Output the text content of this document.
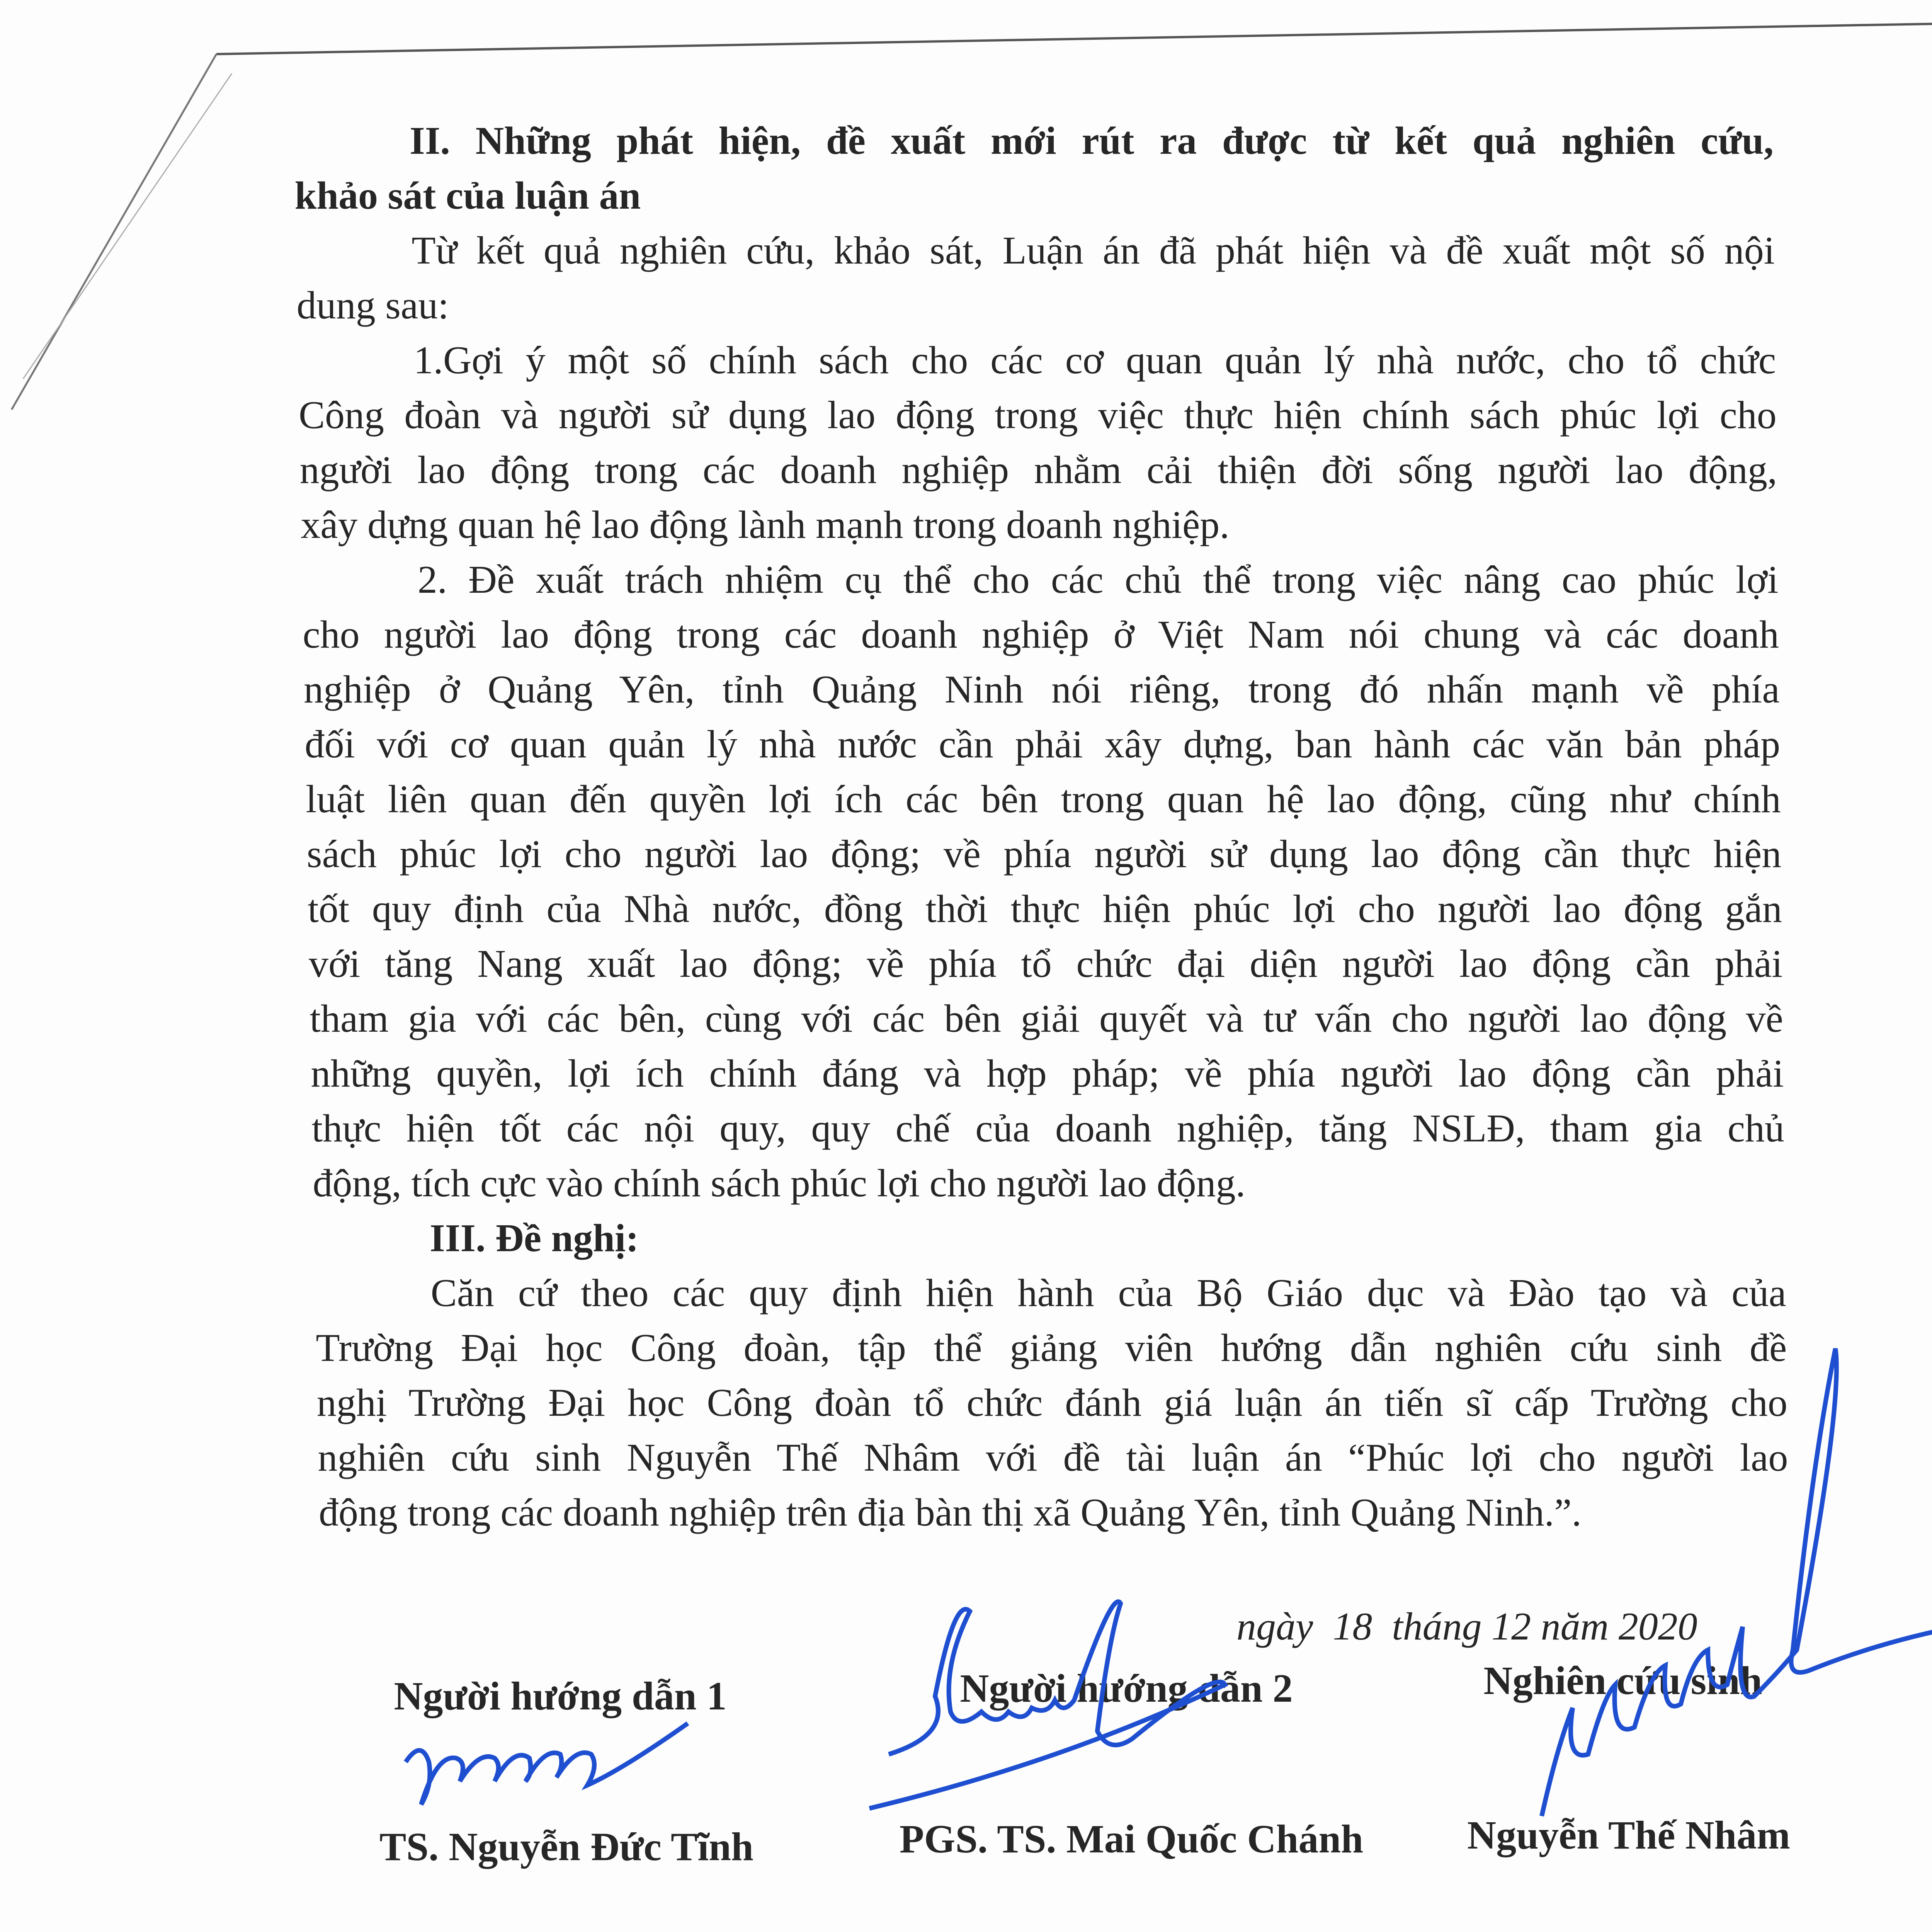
II. Những phát hiện, đề xuất mới rút ra được từ kết quả nghiên cứu,
khảo sát của luận án
Từ kết quả nghiên cứu, khảo sát, Luận án đã phát hiện và đề xuất một số nội
dung sau:
1.Gợi ý một số chính sách cho các cơ quan quản lý nhà nước, cho tổ chức
Công đoàn và người sử dụng lao động trong việc thực hiện chính sách phúc lợi cho
người lao động trong các doanh nghiệp nhằm cải thiện đời sống người lao động,
xây dựng quan hệ lao động lành mạnh trong doanh nghiệp.
2. Đề xuất trách nhiệm cụ thể cho các chủ thể trong việc nâng cao phúc lợi
cho người lao động trong các doanh nghiệp ở Việt Nam nói chung và các doanh
nghiệp ở Quảng Yên, tỉnh Quảng Ninh nói riêng, trong đó nhấn mạnh về phía
đối với cơ quan quản lý nhà nước cần phải xây dựng, ban hành các văn bản pháp
luật liên quan đến quyền lợi ích các bên trong quan hệ lao động, cũng như chính
sách phúc lợi cho người lao động; về phía người sử dụng lao động cần thực hiện
tốt quy định của Nhà nước, đồng thời thực hiện phúc lợi cho người lao động gắn
với tăng Nang xuất lao động; về phía tổ chức đại diện người lao động cần phải
tham gia với các bên, cùng với các bên giải quyết và tư vấn cho người lao động về
những quyền, lợi ích chính đáng và hợp pháp; về phía người lao động cần phải
thực hiện tốt các nội quy, quy chế của doanh nghiệp, tăng NSLĐ, tham gia chủ
động, tích cực vào chính sách phúc lợi cho người lao động.
III. Đề nghị:
Căn cứ theo các quy định hiện hành của Bộ Giáo dục và Đào tạo và của
Trường Đại học Công đoàn, tập thể giảng viên hướng dẫn nghiên cứu sinh đề
nghị Trường Đại học Công đoàn tổ chức đánh giá luận án tiến sĩ cấp Trường cho
nghiên cứu sinh Nguyễn Thế Nhâm với đề tài luận án “Phúc lợi cho người lao
động trong các doanh nghiệp trên địa bàn thị xã Quảng Yên, tỉnh Quảng Ninh.”.
ngày  18  tháng 12 năm 2020
Người hướng dẫn 1	Người hướng dẫn 2	Nghiên cứu sinh
TS. Nguyễn Đức Tĩnh	PGS. TS. Mai Quốc Chánh	Nguyễn Thế Nhâm
